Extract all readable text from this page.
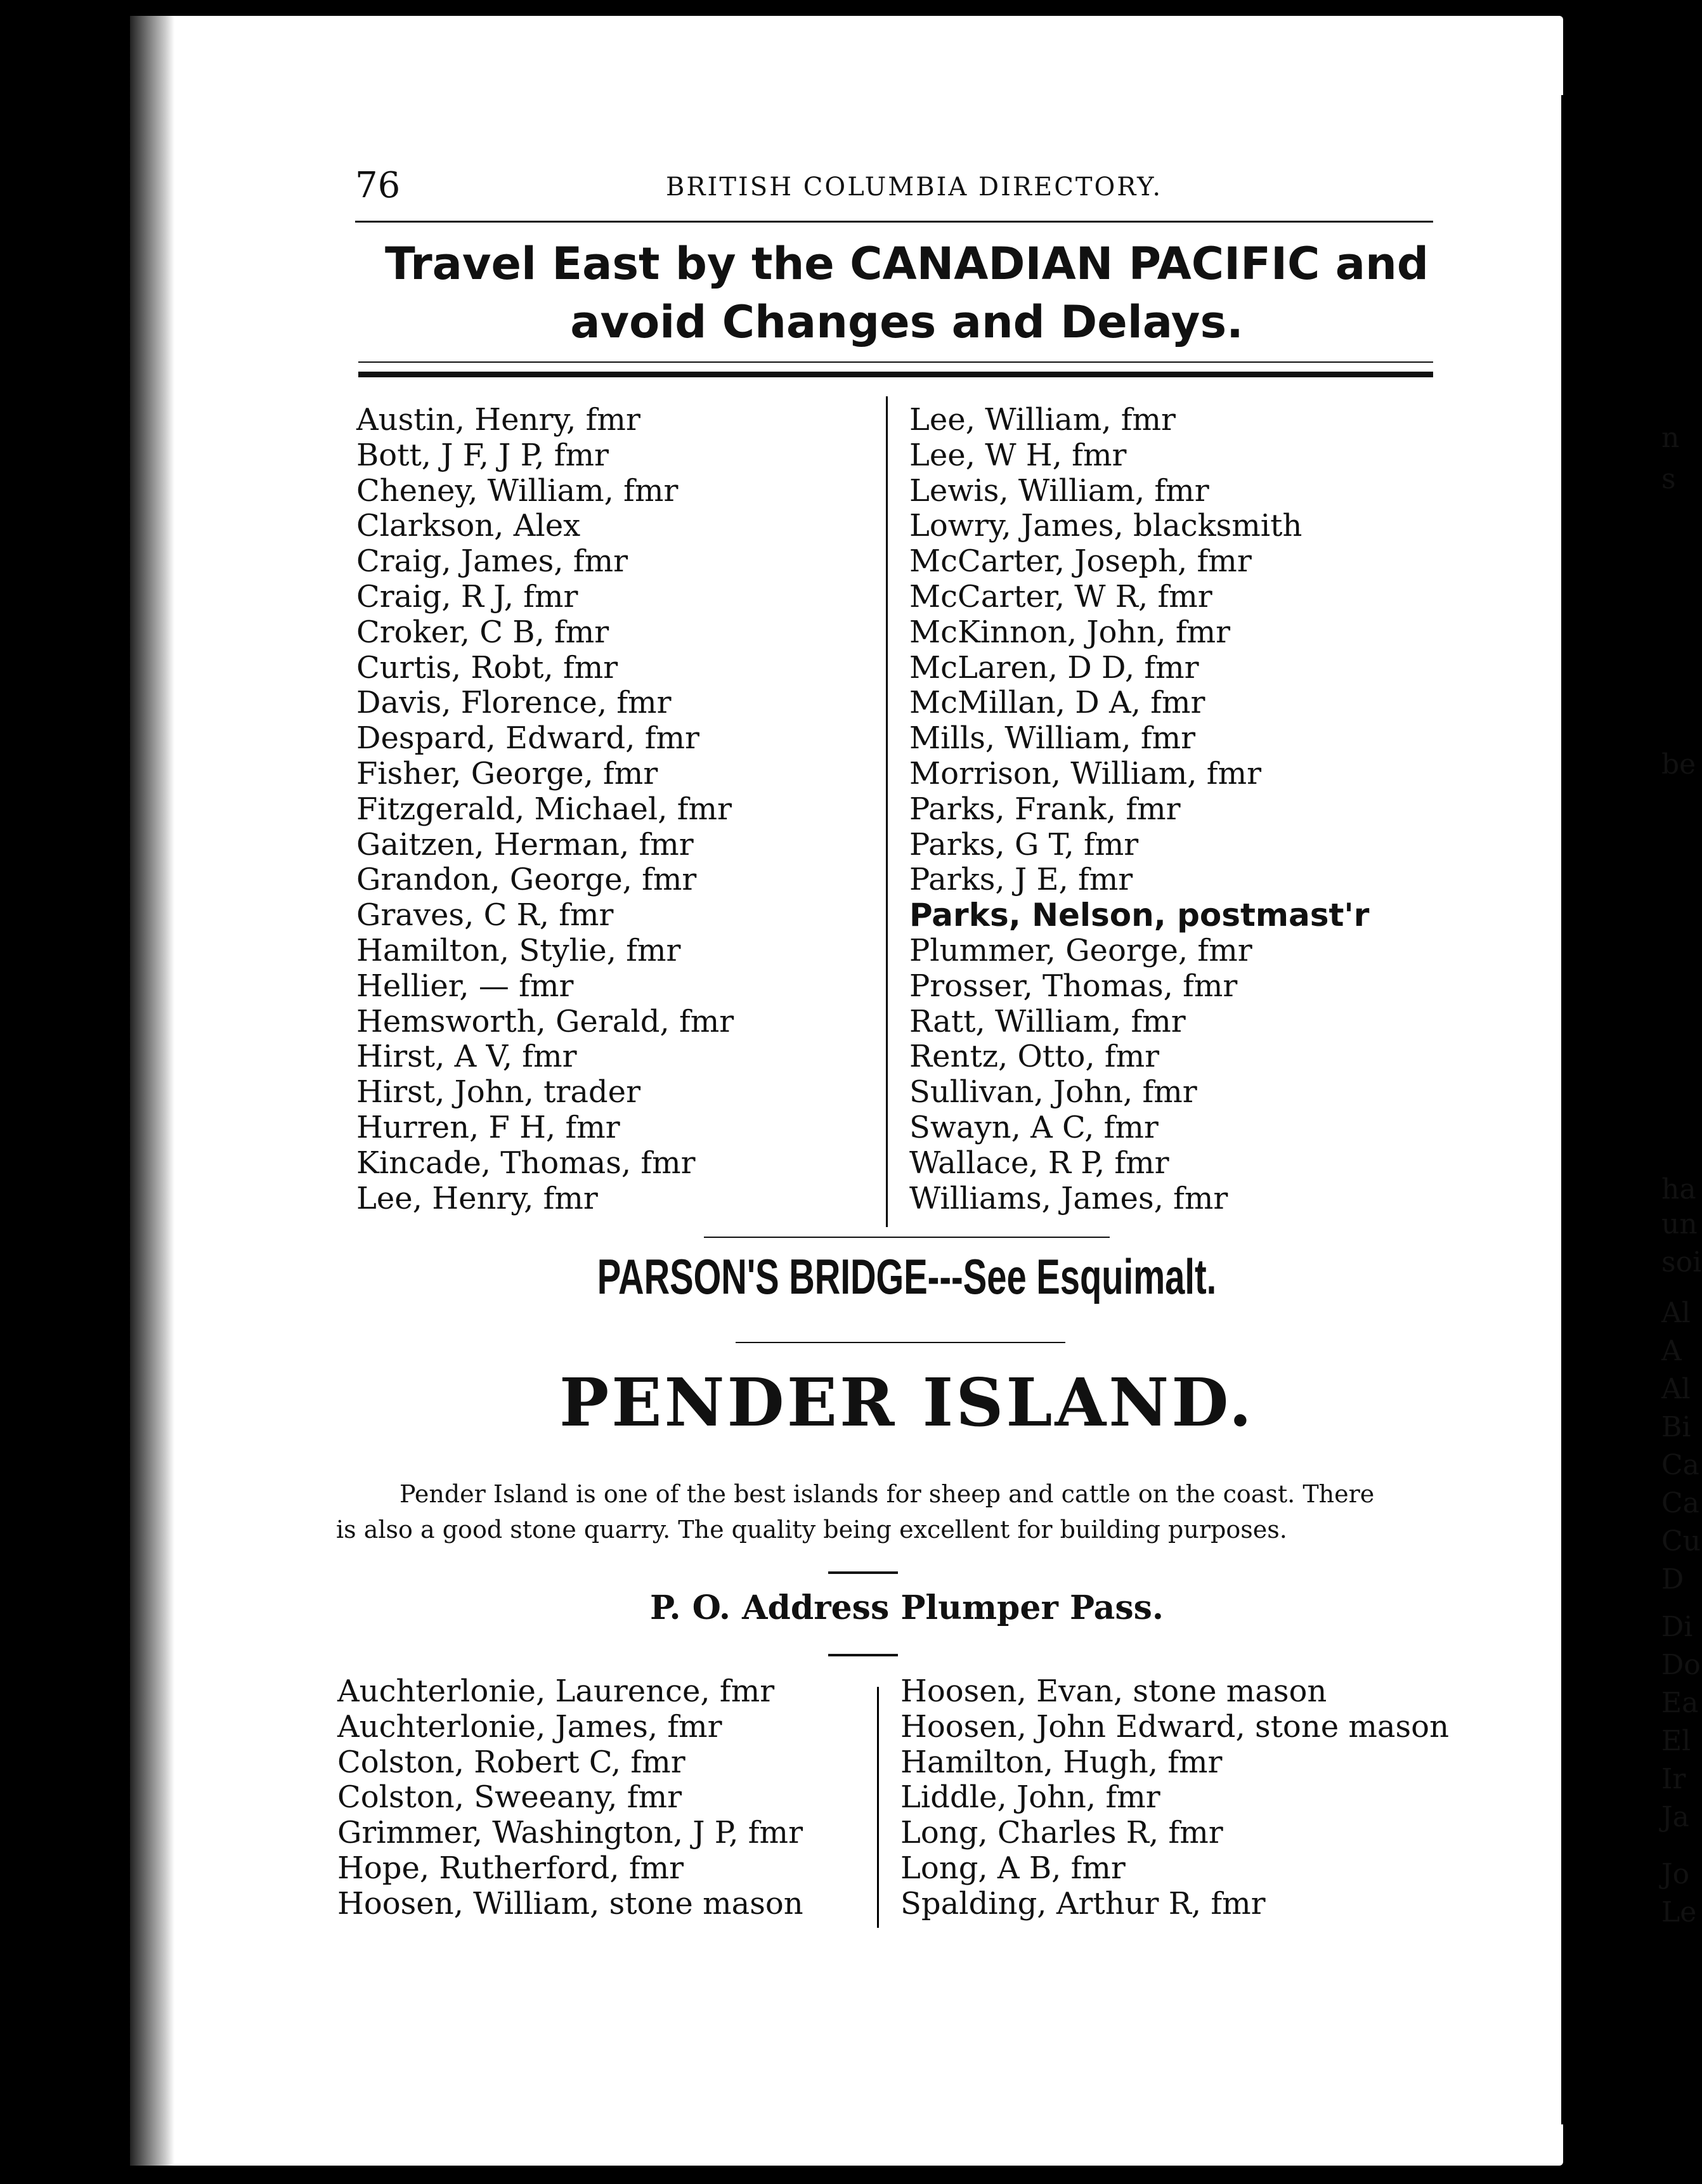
76	BRITISH COLUMBIA DIRECTORY.
Travel East by the CANADIAN PACIFIC and
avoid Changes and Delays.
Austin, Henry, fmr
Bott, J F, J P, fmr
Cheney, William, fmr
Clarkson, Alex
Craig, James, fmr
Craig, R J, fmr
Croker, C B, fmr
Curtis, Robt, fmr
Davis, Florence, fmr
Despard, Edward, fmr
Fisher, George, fmr
Fitzgerald, Michael, fmr
Gaitzen, Herman, fmr
Grandon, George, fmr
Graves, C R, fmr
Hamilton, Stylie, fmr
Hellier, — fmr
Hemsworth, Gerald, fmr
Hirst, A V, fmr
Hirst, John, trader
Hurren, F H, fmr
Kincade, Thomas, fmr
Lee, Henry, fmr
Lee, William, fmr
Lee, W H, fmr
Lewis, William, fmr
Lowry, James, blacksmith
McCarter, Joseph, fmr
McCarter, W R, fmr
McKinnon, John, fmr
McLaren, D D, fmr
McMillan, D A, fmr
Mills, William, fmr
Morrison, William, fmr
Parks, Frank, fmr
Parks, G T, fmr
Parks, J E, fmr
Parks, Nelson, postmast'r
Plummer, George, fmr
Prosser, Thomas, fmr
Ratt, William, fmr
Rentz, Otto, fmr
Sullivan, John, fmr
Swayn, A C, fmr
Wallace, R P, fmr
Williams, James, fmr
PARSON'S BRIDGE---See Esquimalt.
PENDER ISLAND.
Pender Island is one of the best islands for sheep and cattle on the coast. There
is also a good stone quarry. The quality being excellent for building purposes.
P. O. Address Plumper Pass.
Auchterlonie, Laurence, fmr
Auchterlonie, James, fmr
Colston, Robert C, fmr
Colston, Sweeany, fmr
Grimmer, Washington, J P, fmr
Hope, Rutherford, fmr
Hoosen, William, stone mason
Hoosen, Evan, stone mason
Hoosen, John Edward, stone mason
Hamilton, Hugh, fmr
Liddle, John, fmr
Long, Charles R, fmr
Long, A B, fmr
Spalding, Arthur R, fmr
n
s
be
ha
un
soi
Al
A
Al
Bi
Ca
Ca
Cu
D
Di
Do
Ea
El
Ir
Ja
Jo
Le
